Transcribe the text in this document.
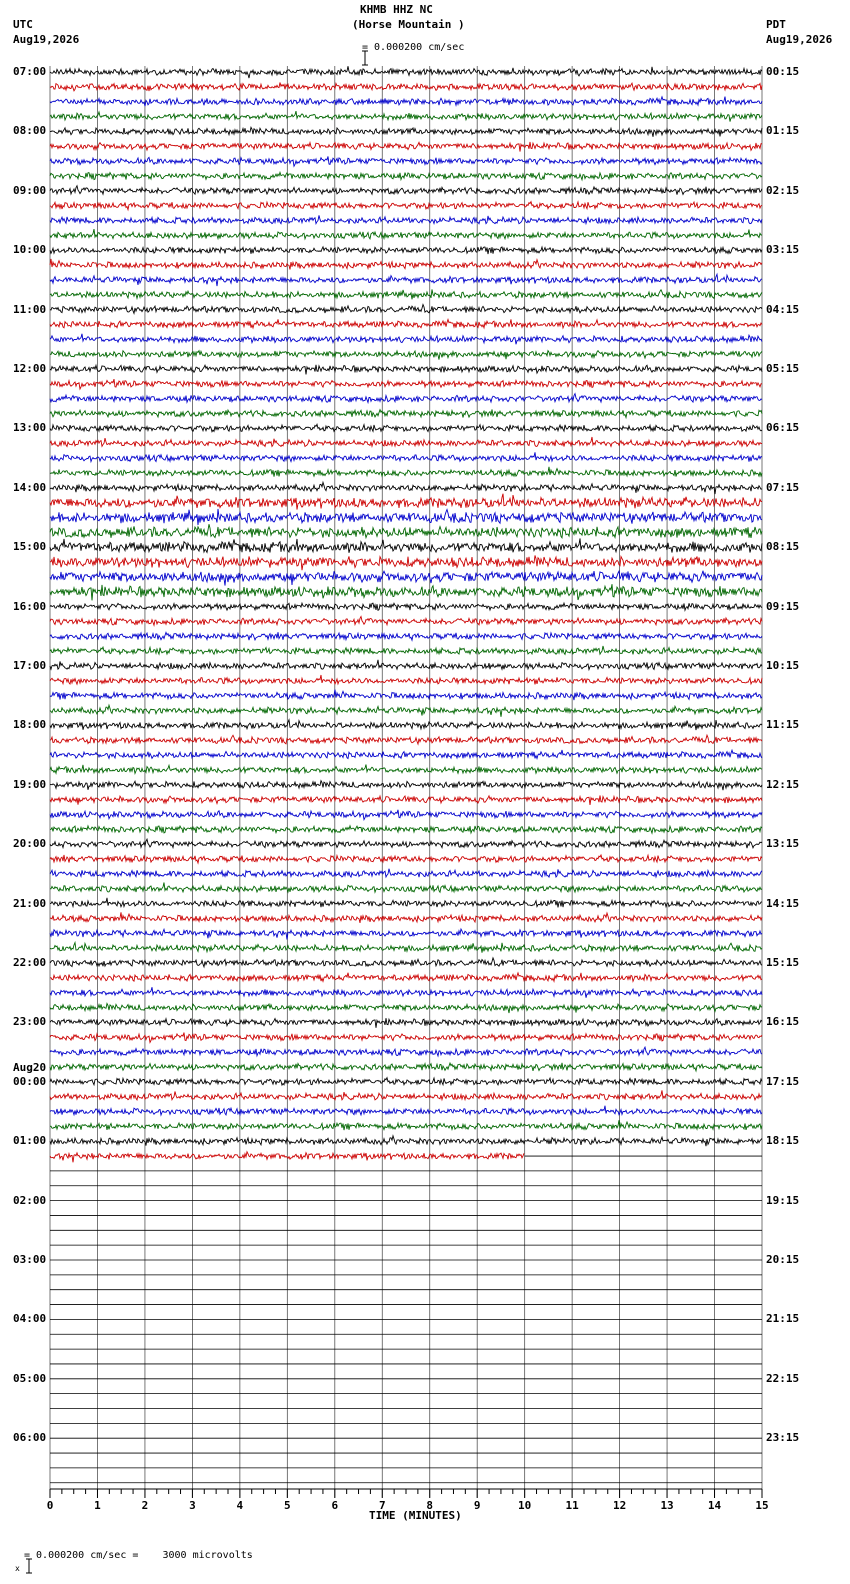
0	1	2	3	4	5	6	7	8	9	10	11	12	13	14	15
KHMB HHZ NC
(Horse Mountain )

= 0.000200 cm/sec
UTC
Aug19,2026
PDT
Aug19,2026
07:00
08:00
09:00
10:00
11:00
12:00
13:00
14:00
15:00
16:00
17:00
18:00
19:00
20:00
21:00
22:00
23:00
00:00
Aug20
01:00
02:00
03:00
04:00
05:00
06:00
00:15
01:15
02:15
03:15
04:15
05:15
06:15
07:15
08:15
09:15
10:15
11:15
12:15
13:15
14:15
15:15
16:15
17:15
18:15
19:15
20:15
21:15
22:15
23:15
TIME (MINUTES)

x

= 0.000200 cm/sec =    3000 microvolts
